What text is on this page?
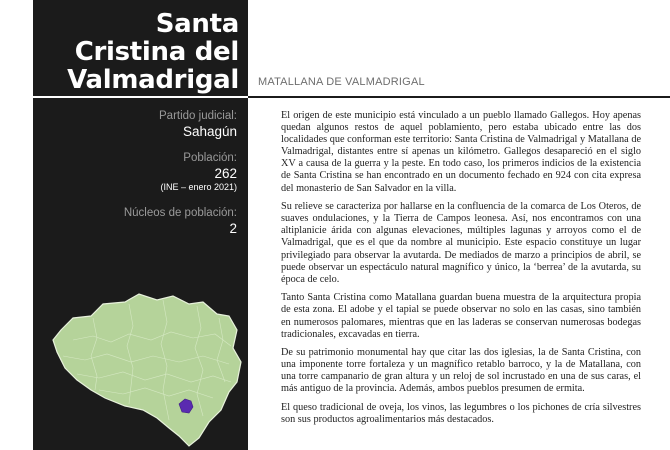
Santa
Cristina del
Valmadrigal MATALLANA DE VALMADRIGAL
Partido judicial:
Sahagún
Población:
262
(INE – enero 2021)
Núcleos de población:
2

El origen de este municipio está vinculado a un pueblo llamado Gallegos. Hoy apenas quedan algunos restos de aquel poblamiento, pero estaba ubicado entre las dos localidades que conforman este territorio: Santa Cristina de Valmadrigal y Matallana de Valmadrigal, distantes entre sí apenas un kilómetro. Gallegos desapareció en el siglo XV a causa de la guerra y la peste. En todo caso, los primeros indicios de la existencia de Santa Cristina se han encontrado en un documento fechado en 924 con cita expresa del monasterio de San Salvador en la villa.

Su relieve se caracteriza por hallarse en la confluencia de la comarca de Los Oteros, de suaves ondulaciones, y la Tierra de Campos leonesa. Así, nos encontramos con una altiplanicie árida con algunas elevaciones, múltiples lagunas y arroyos como el de Valmadrigal, que es el que da nombre al municipio. Este espacio constituye un lugar privilegiado para observar la avutarda. De mediados de marzo a principios de abril, se puede observar un espectáculo natural magnífico y único, la ‘berrea’ de la avutarda, su época de celo.

Tanto Santa Cristina como Matallana guardan buena muestra de la arquitectura propia de esta zona. El adobe y el tapial se puede observar no solo en las casas, sino también en numerosos palomares, mientras que en las laderas se conservan numerosas bodegas tradicionales, excavadas en tierra.

De su patrimonio monumental hay que citar las dos iglesias, la de Santa Cristina, con una imponente torre fortaleza y un magnífico retablo barroco, y la de Matallana, con una torre campanario de gran altura y un reloj de sol incrustado en una de sus caras, el más antiguo de la provincia. Además, ambos pueblos presumen de ermita.

El queso tradicional de oveja, los vinos, las legumbres o los pichones de cría silvestres son sus productos agroalimentarios más destacados.
